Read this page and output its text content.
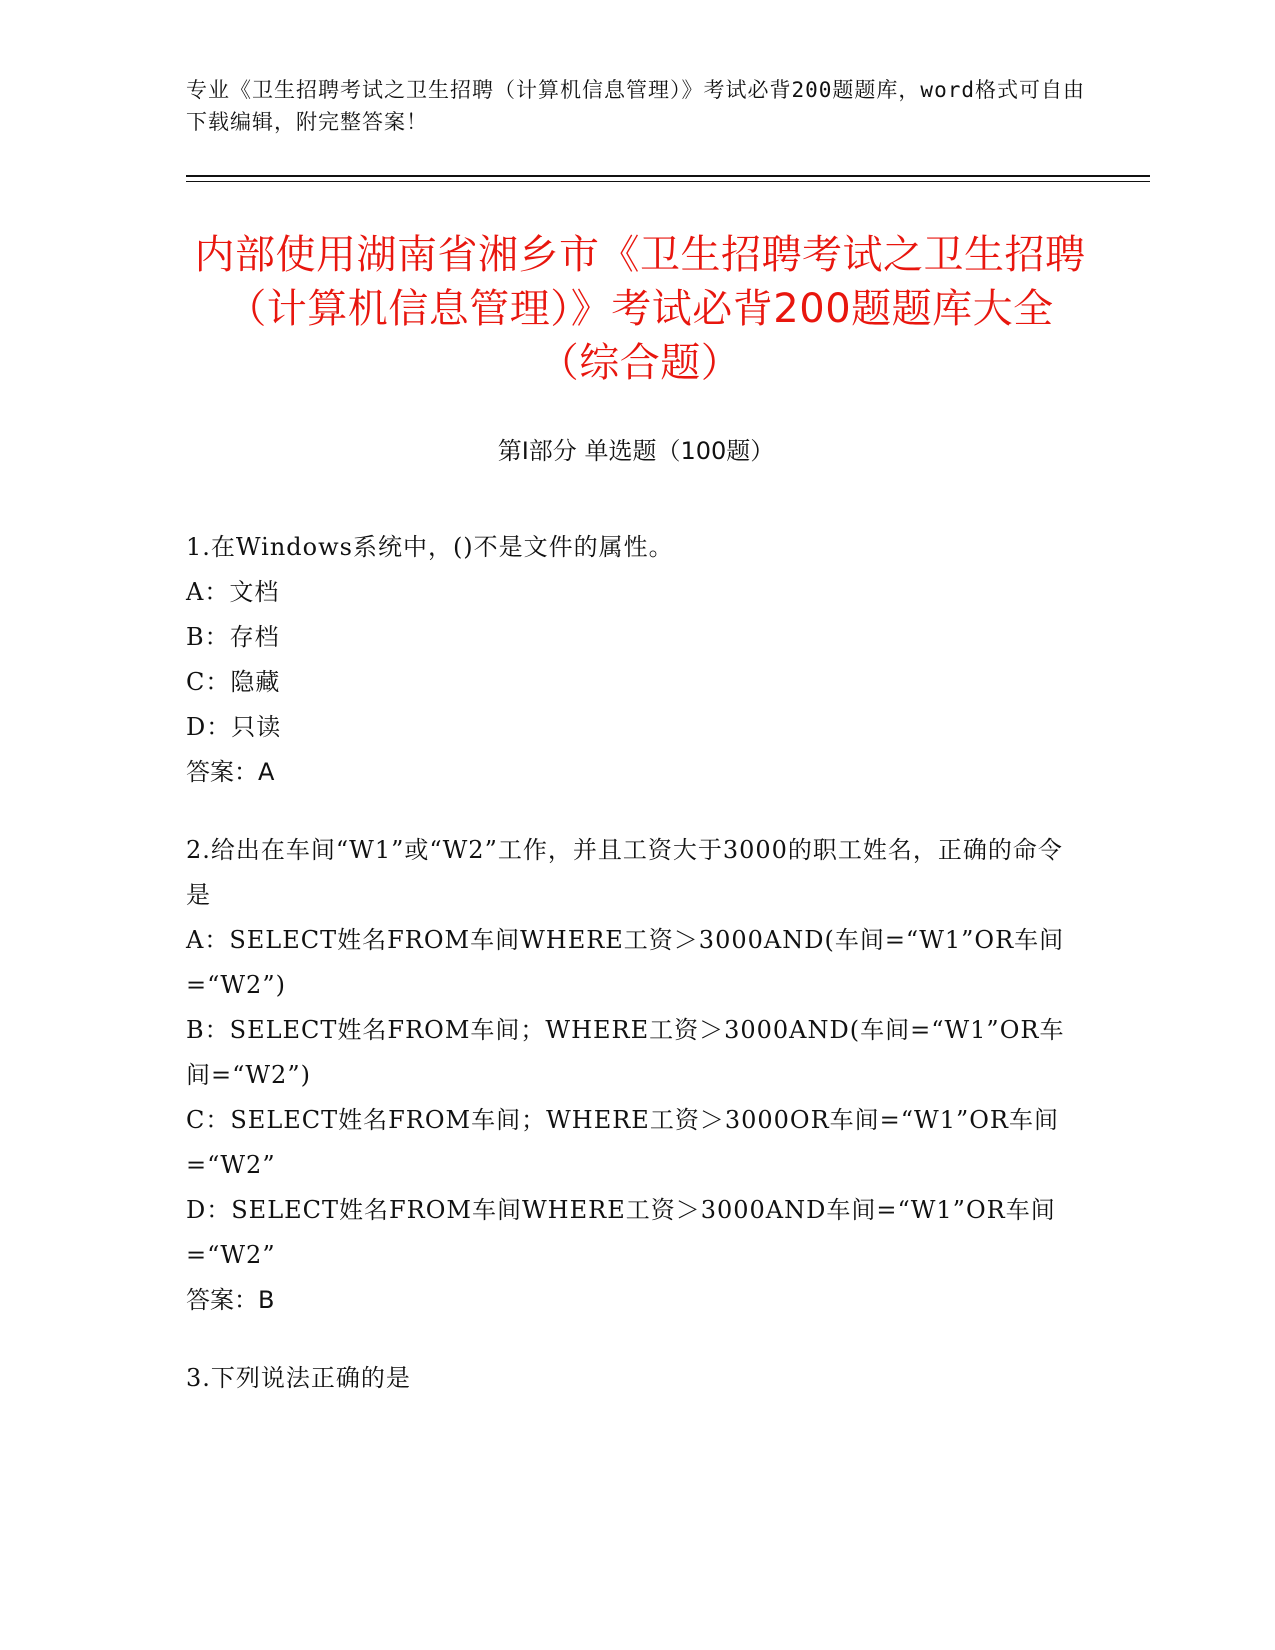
专业《卫生招聘考试之卫生招聘（计算机信息管理）》考试必背200题题库，word格式可自由下载编辑，附完整答案！
内部使用湖南省湘乡市《卫生招聘考试之卫生招聘（计算机信息管理）》考试必背200题题库大全（综合题）
第Ⅰ部分 单选题（100题）
1.在Windows系统中，()不是文件的属性。
A：文档
B：存档
C：隐藏
D：只读
答案：A
2.给出在车间“W1”或“W2”工作，并且工资大于3000的职工姓名，正确的命令是
A：SELECT姓名FROM车间WHERE工资＞3000AND(车间=“W1”OR车间=“W2”)
B：SELECT姓名FROM车间；WHERE工资＞3000AND(车间=“W1”OR车间=“W2”)
C：SELECT姓名FROM车间；WHERE工资＞3000OR车间=“W1”OR车间=“W2”
D：SELECT姓名FROM车间WHERE工资＞3000AND车间=“W1”OR车间=“W2”
答案：B
3.下列说法正确的是
